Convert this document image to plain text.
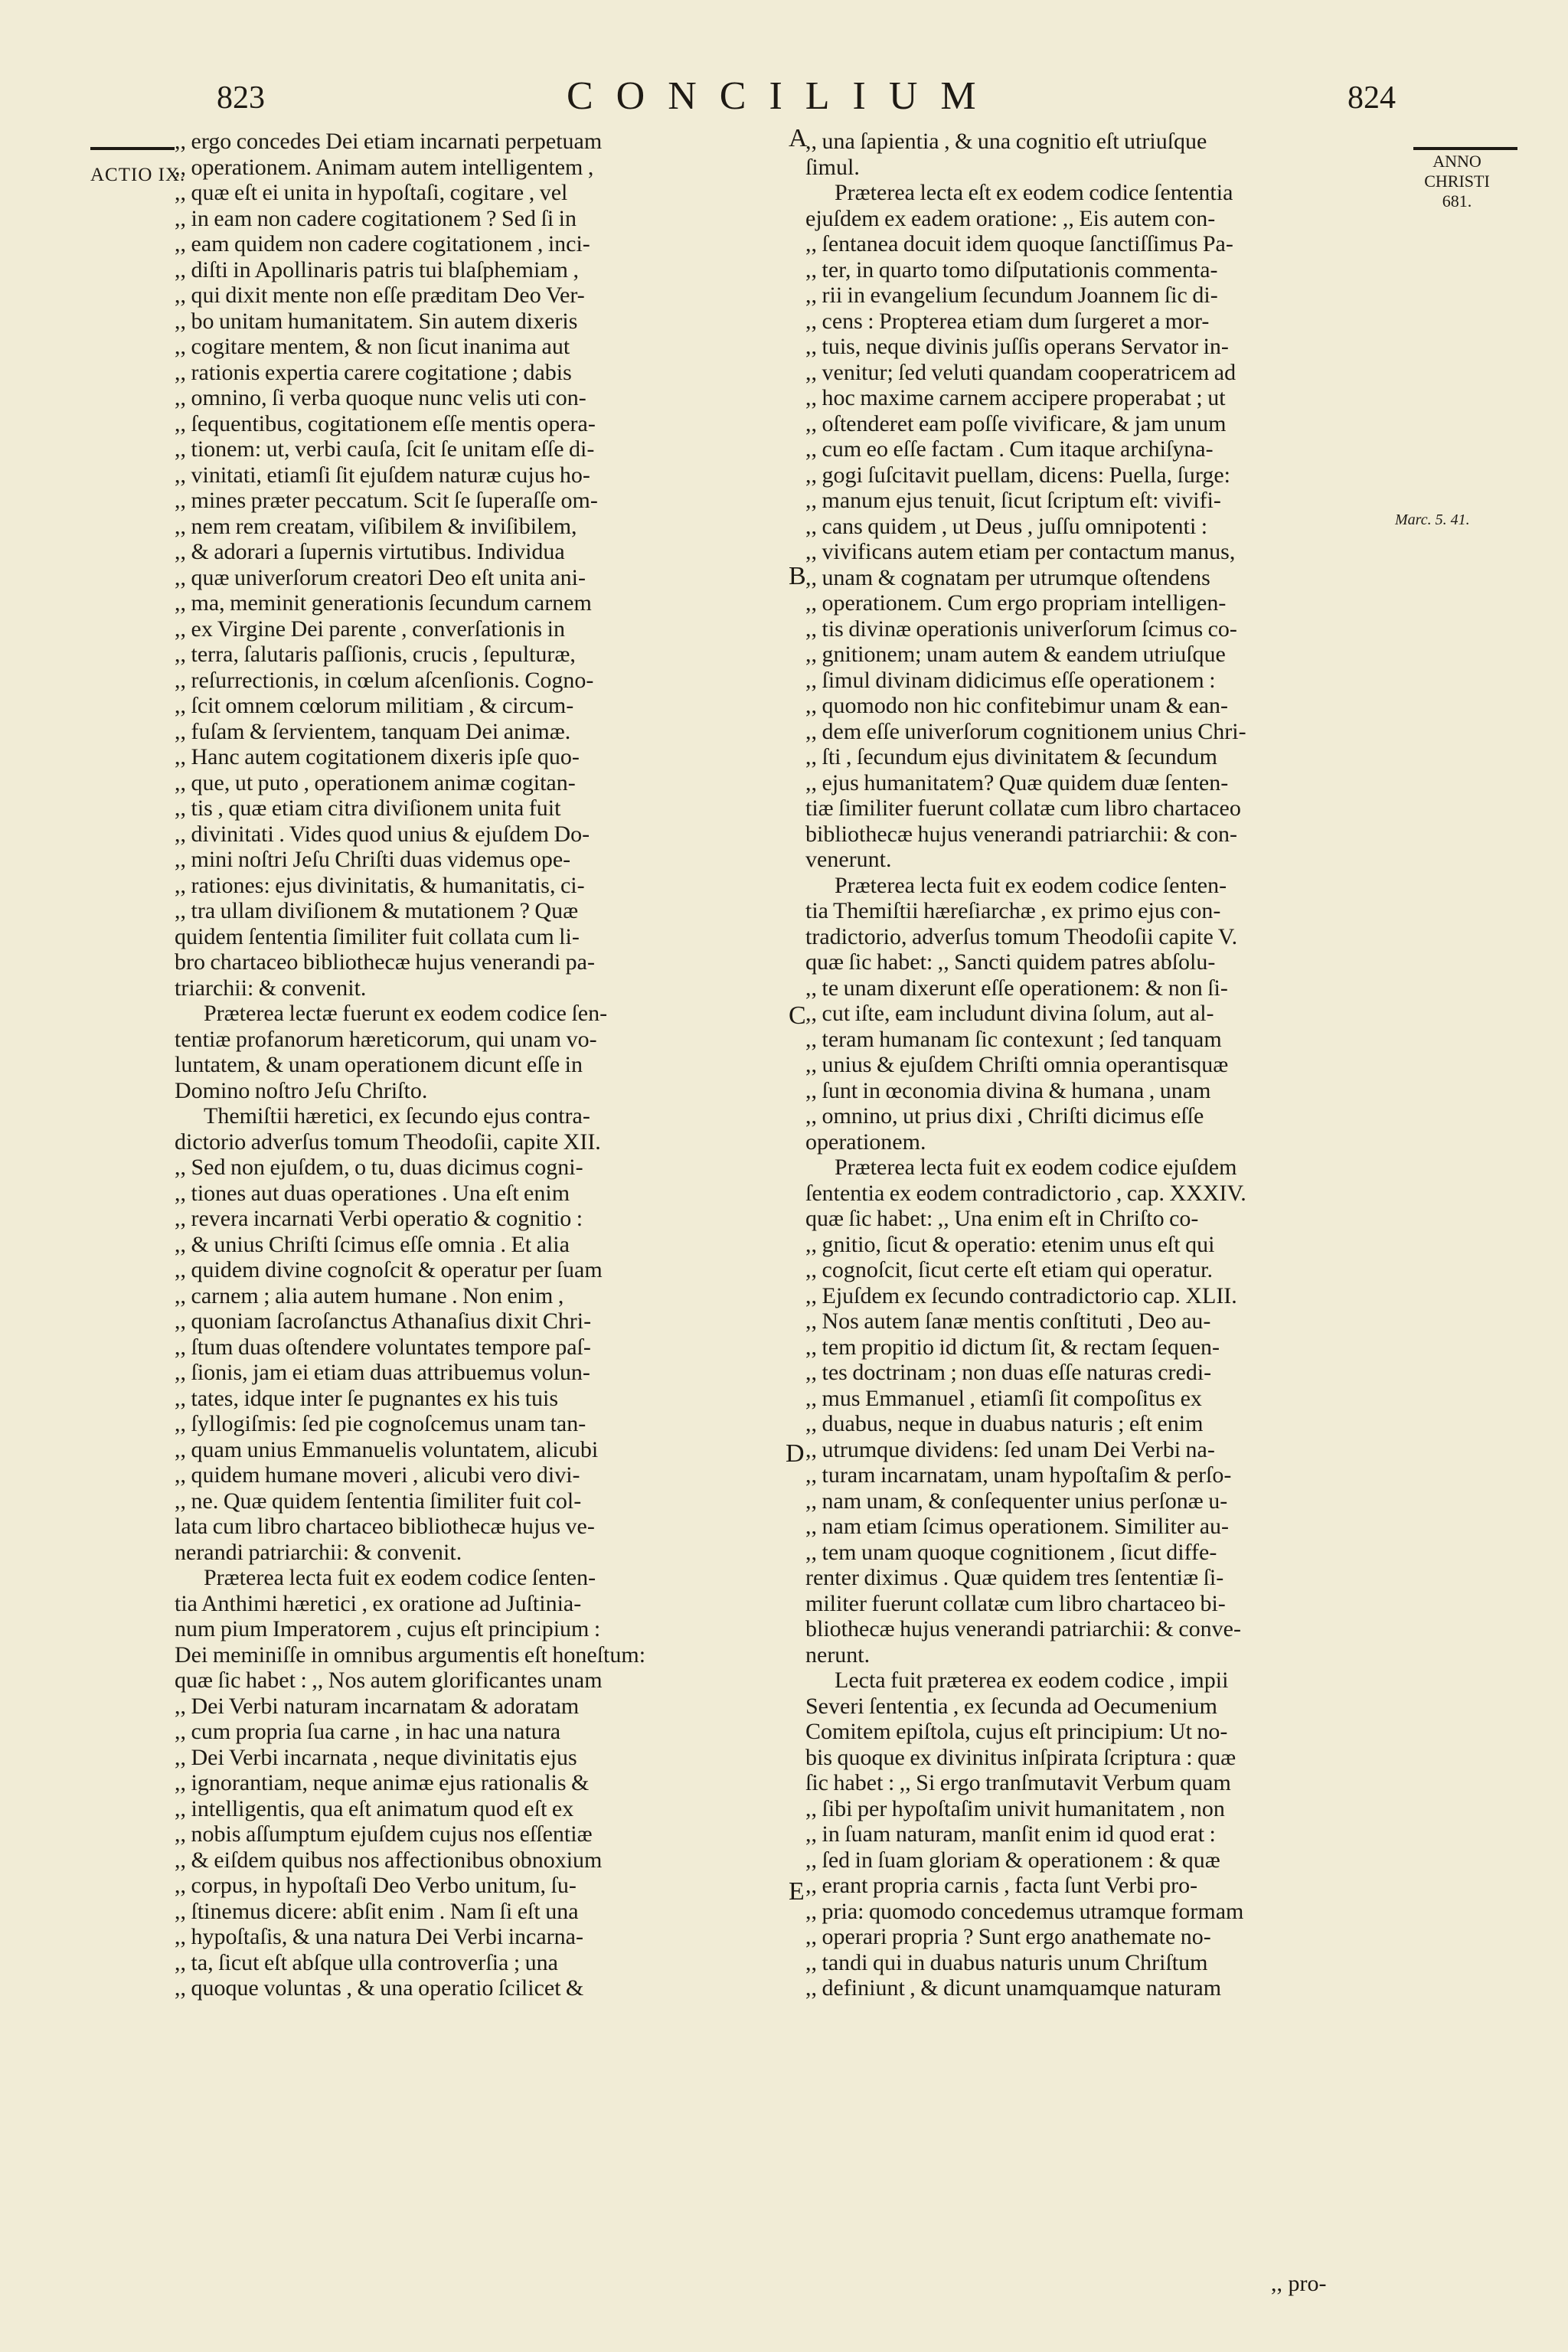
823	CONCILIUM	824
ACTIO IX.
ANNO
CHRISTI
681.
Marc. 5. 41.
A
B
C
D
E
,, ergo concedes Dei etiam incarnati perpetuam
,, operationem. Animam autem intelligentem ,
,, quæ eſt ei unita in hypoſtaſi, cogitare , vel
,, in eam non cadere cogitationem ? Sed ſi in
,, eam quidem non cadere cogitationem , inci-
,, diſti in Apollinaris patris tui blaſphemiam ,
,, qui dixit mente non eſſe præditam Deo Ver-
,, bo unitam humanitatem. Sin autem dixeris
,, cogitare mentem, & non ſicut inanima aut
,, rationis expertia carere cogitatione ; dabis
,, omnino, ſi verba quoque nunc velis uti con-
,, ſequentibus, cogitationem eſſe mentis opera-
,, tionem: ut, verbi cauſa, ſcit ſe unitam eſſe di-
,, vinitati, etiamſi ſit ejuſdem naturæ cujus ho-
,, mines præter peccatum. Scit ſe ſuperaſſe om-
,, nem rem creatam, viſibilem & inviſibilem,
,, & adorari a ſupernis virtutibus. Individua
,, quæ univerſorum creatori Deo eſt unita ani-
,, ma, meminit generationis ſecundum carnem
,, ex Virgine Dei parente , converſationis in
,, terra, ſalutaris paſſionis, crucis , ſepulturæ,
,, reſurrectionis, in cœlum aſcenſionis. Cogno-
,, ſcit omnem cœlorum militiam , & circum-
,, fuſam & ſervientem, tanquam Dei animæ.
,, Hanc autem cogitationem dixeris ipſe quo-
,, que, ut puto , operationem animæ cogitan-
,, tis , quæ etiam citra diviſionem unita fuit
,, divinitati . Vides quod unius & ejuſdem Do-
,, mini noſtri Jeſu Chriſti duas videmus ope-
,, rationes: ejus divinitatis, & humanitatis, ci-
,, tra ullam diviſionem & mutationem ? Quæ
quidem ſententia ſimiliter fuit collata cum li-
bro chartaceo bibliothecæ hujus venerandi pa-
triarchii: & convenit.
Præterea lectæ fuerunt ex eodem codice ſen-
tentiæ profanorum hæreticorum, qui unam vo-
luntatem, & unam operationem dicunt eſſe in
Domino noſtro Jeſu Chriſto.
Themiſtii hæretici, ex ſecundo ejus contra-
dictorio adverſus tomum Theodoſii, capite XII.
,, Sed non ejuſdem, o tu, duas dicimus cogni-
,, tiones aut duas operationes . Una eſt enim
,, revera incarnati Verbi operatio & cognitio :
,, & unius Chriſti ſcimus eſſe omnia . Et alia
,, quidem divine cognoſcit & operatur per ſuam
,, carnem ; alia autem humane . Non enim ,
,, quoniam ſacroſanctus Athanaſius dixit Chri-
,, ſtum duas oſtendere voluntates tempore paſ-
,, ſionis, jam ei etiam duas attribuemus volun-
,, tates, idque inter ſe pugnantes ex his tuis
,, ſyllogiſmis: ſed pie cognoſcemus unam tan-
,, quam unius Emmanuelis voluntatem, alicubi
,, quidem humane moveri , alicubi vero divi-
,, ne. Quæ quidem ſententia ſimiliter fuit col-
lata cum libro chartaceo bibliothecæ hujus ve-
nerandi patriarchii: & convenit.
Præterea lecta fuit ex eodem codice ſenten-
tia Anthimi hæretici , ex oratione ad Juſtinia-
num pium Imperatorem , cujus eſt principium :
Dei meminiſſe in omnibus argumentis eſt honeſtum:
quæ ſic habet : ,, Nos autem glorificantes unam
,, Dei Verbi naturam incarnatam & adoratam
,, cum propria ſua carne , in hac una natura
,, Dei Verbi incarnata , neque divinitatis ejus
,, ignorantiam, neque animæ ejus rationalis &
,, intelligentis, qua eſt animatum quod eſt ex
,, nobis aſſumptum ejuſdem cujus nos eſſentiæ
,, & eiſdem quibus nos affectionibus obnoxium
,, corpus, in hypoſtaſi Deo Verbo unitum, ſu-
,, ſtinemus dicere: abſit enim . Nam ſi eſt una
,, hypoſtaſis, & una natura Dei Verbi incarna-
,, ta, ſicut eſt abſque ulla controverſia ; una
,, quoque voluntas , & una operatio ſcilicet &
,, una ſapientia , & una cognitio eſt utriuſque
ſimul.
Præterea lecta eſt ex eodem codice ſententia
ejuſdem ex eadem oratione: ,, Eis autem con-
,, ſentanea docuit idem quoque ſanctiſſimus Pa-
,, ter, in quarto tomo diſputationis commenta-
,, rii in evangelium ſecundum Joannem ſic di-
,, cens : Propterea etiam dum ſurgeret a mor-
,, tuis, neque divinis juſſis operans Servator in-
,, venitur; ſed veluti quandam cooperatricem ad
,, hoc maxime carnem accipere properabat ; ut
,, oſtenderet eam poſſe vivificare, & jam unum
,, cum eo eſſe factam . Cum itaque archiſyna-
,, gogi ſuſcitavit puellam, dicens: Puella, ſurge:
,, manum ejus tenuit, ſicut ſcriptum eſt: vivifi-
,, cans quidem , ut Deus , juſſu omnipotenti :
,, vivificans autem etiam per contactum manus,
,, unam & cognatam per utrumque oſtendens
,, operationem. Cum ergo propriam intelligen-
,, tis divinæ operationis univerſorum ſcimus co-
,, gnitionem; unam autem & eandem utriuſque
,, ſimul divinam didicimus eſſe operationem :
,, quomodo non hic confitebimur unam & ean-
,, dem eſſe univerſorum cognitionem unius Chri-
,, ſti , ſecundum ejus divinitatem & ſecundum
,, ejus humanitatem? Quæ quidem duæ ſenten-
tiæ ſimiliter fuerunt collatæ cum libro chartaceo
bibliothecæ hujus venerandi patriarchii: & con-
venerunt.
Præterea lecta fuit ex eodem codice ſenten-
tia Themiſtii hæreſiarchæ , ex primo ejus con-
tradictorio, adverſus tomum Theodoſii capite V.
quæ ſic habet: ,, Sancti quidem patres abſolu-
,, te unam dixerunt eſſe operationem: & non ſi-
,, cut iſte, eam includunt divina ſolum, aut al-
,, teram humanam ſic contexunt ; ſed tanquam
,, unius & ejuſdem Chriſti omnia operantisquæ
,, ſunt in œconomia divina & humana , unam
,, omnino, ut prius dixi , Chriſti dicimus eſſe
operationem.
Præterea lecta fuit ex eodem codice ejuſdem
ſententia ex eodem contradictorio , cap. XXXIV.
quæ ſic habet: ,, Una enim eſt in Chriſto co-
,, gnitio, ſicut & operatio: etenim unus eſt qui
,, cognoſcit, ſicut certe eſt etiam qui operatur.
,, Ejuſdem ex ſecundo contradictorio cap. XLII.
,, Nos autem ſanæ mentis conſtituti , Deo au-
,, tem propitio id dictum ſit, & rectam ſequen-
,, tes doctrinam ; non duas eſſe naturas credi-
,, mus Emmanuel , etiamſi ſit compoſitus ex
,, duabus, neque in duabus naturis ; eſt enim
,, utrumque dividens: ſed unam Dei Verbi na-
,, turam incarnatam, unam hypoſtaſim & perſo-
,, nam unam, & conſequenter unius perſonæ u-
,, nam etiam ſcimus operationem. Similiter au-
,, tem unam quoque cognitionem , ſicut diffe-
renter diximus . Quæ quidem tres ſententiæ ſi-
militer fuerunt collatæ cum libro chartaceo bi-
bliothecæ hujus venerandi patriarchii: & conve-
nerunt.
Lecta fuit præterea ex eodem codice , impii
Severi ſententia , ex ſecunda ad Oecumenium
Comitem epiſtola, cujus eſt principium: Ut no-
bis quoque ex divinitus inſpirata ſcriptura : quæ
ſic habet : ,, Si ergo tranſmutavit Verbum quam
,, ſibi per hypoſtaſim univit humanitatem , non
,, in ſuam naturam, manſit enim id quod erat :
,, ſed in ſuam gloriam & operationem : & quæ
,, erant propria carnis , facta ſunt Verbi pro-
,, pria: quomodo concedemus utramque formam
,, operari propria ? Sunt ergo anathemate no-
,, tandi qui in duabus naturis unum Chriſtum
,, definiunt , & dicunt unamquamque naturam
,, pro-
